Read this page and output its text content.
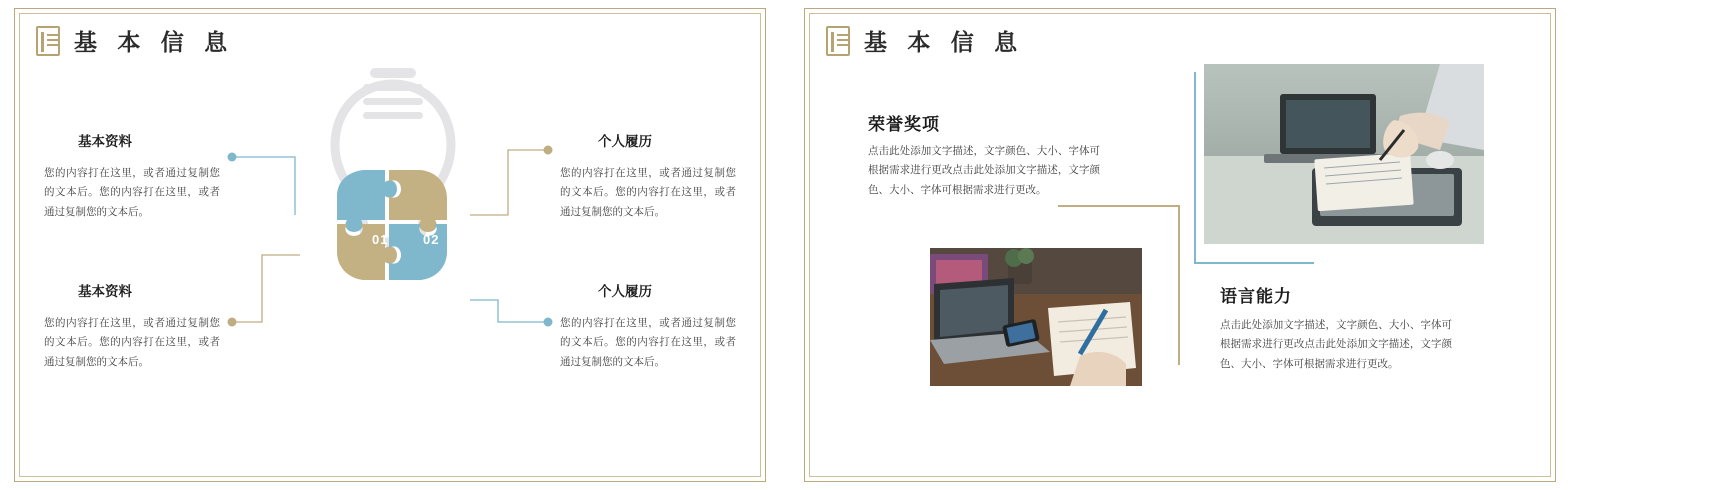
基 本 信 息
01	02
03
04
基本资料
您的内容打在这里，或者通过复制您的文本后。您的内容打在这里，或者通过复制您的文本后。
基本资料
您的内容打在这里，或者通过复制您的文本后。您的内容打在这里，或者通过复制您的文本后。
个人履历
您的内容打在这里，或者通过复制您的文本后。您的内容打在这里，或者通过复制您的文本后。
个人履历
您的内容打在这里，或者通过复制您的文本后。您的内容打在这里，或者通过复制您的文本后。
基 本 信 息
荣誉奖项
点击此处添加文字描述，文字颜色、大小、字体可根据需求进行更改点击此处添加文字描述，文字颜色、大小、字体可根据需求进行更改。
语言能力
点击此处添加文字描述，文字颜色、大小、字体可根据需求进行更改点击此处添加文字描述，文字颜色、大小、字体可根据需求进行更改。
